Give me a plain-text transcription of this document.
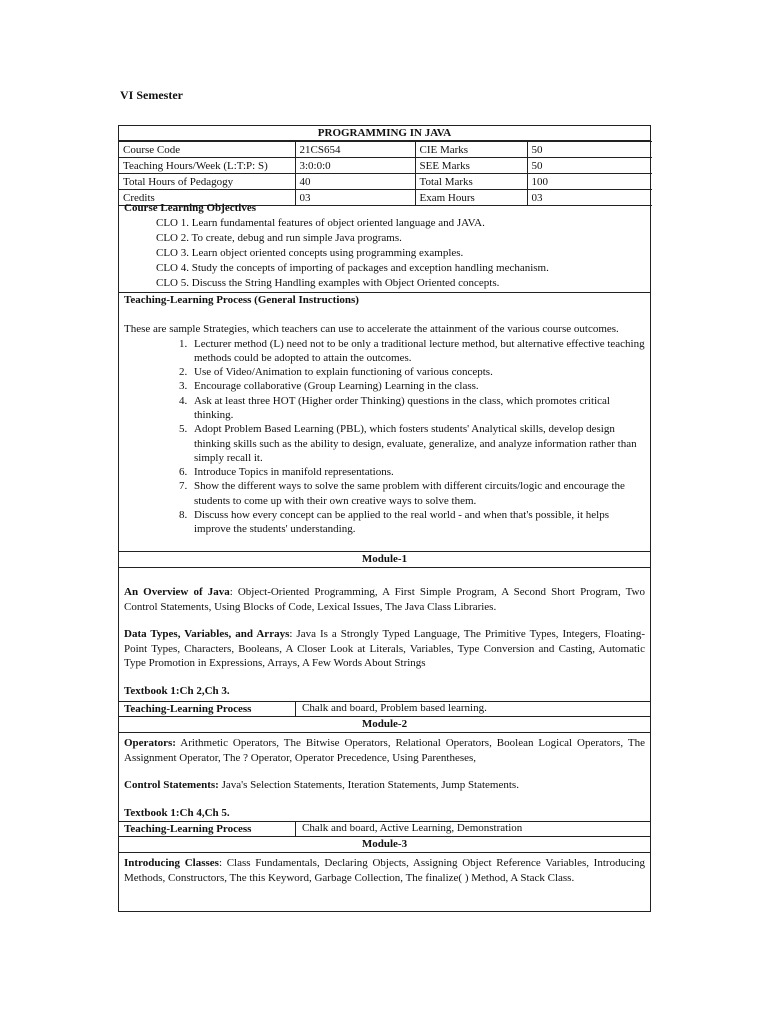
VI Semester
PROGRAMMING IN JAVA
Course Code	21CS654	CIE Marks	50
Teaching Hours/Week (L:T:P: S)	3:0:0:0	SEE Marks	50
Total Hours of Pedagogy	40	Total Marks	100
Credits	03	Exam Hours	03
Course Learning Objectives
CLO 1. Learn fundamental features of object oriented language and JAVA.
CLO 2. To create, debug and run simple Java programs.
CLO 3. Learn object oriented concepts using programming examples.
CLO 4. Study the concepts of importing of packages and exception handling mechanism.
CLO 5. Discuss the String Handling examples with Object Oriented concepts.
Teaching-Learning Process (General Instructions)

These are sample Strategies, which teachers can use to accelerate the attainment of the various course outcomes.

1. Lecturer method (L) need not to be only a traditional lecture method, but alternative effective teaching methods could be adopted to attain the outcomes.
2. Use of Video/Animation to explain functioning of various concepts.
3. Encourage collaborative (Group Learning) Learning in the class.
4. Ask at least three HOT (Higher order Thinking) questions in the class, which promotes critical thinking.
5. Adopt Problem Based Learning (PBL), which fosters students' Analytical skills, develop design thinking skills such as the ability to design, evaluate, generalize, and analyze information rather than simply recall it.
6. Introduce Topics in manifold representations.
7. Show the different ways to solve the same problem with different circuits/logic and encourage the students to come up with their own creative ways to solve them.
8. Discuss how every concept can be applied to the real world - and when that's possible, it helps improve the students' understanding.
Module-1

An Overview of Java: Object-Oriented Programming, A First Simple Program, A Second Short Program, Two Control Statements, Using Blocks of Code, Lexical Issues, The Java Class Libraries.

Data Types, Variables, and Arrays: Java Is a Strongly Typed Language, The Primitive Types, Integers, Floating-Point Types, Characters, Booleans, A Closer Look at Literals, Variables, Type Conversion and Casting, Automatic Type Promotion in Expressions, Arrays, A Few Words About Strings

Textbook 1:Ch 2,Ch 3.

Teaching-Learning Process	Chalk and board, Problem based learning.
Module-2

Operators: Arithmetic Operators, The Bitwise Operators, Relational Operators, Boolean Logical Operators, The Assignment Operator, The ? Operator, Operator Precedence, Using Parentheses,

Control Statements: Java's Selection Statements, Iteration Statements, Jump Statements.

Textbook 1:Ch 4,Ch 5.

Teaching-Learning Process	Chalk and board, Active Learning, Demonstration
Module-3

Introducing Classes: Class Fundamentals, Declaring Objects, Assigning Object Reference Variables, Introducing Methods, Constructors, The this Keyword, Garbage Collection, The finalize( ) Method, A Stack Class.
